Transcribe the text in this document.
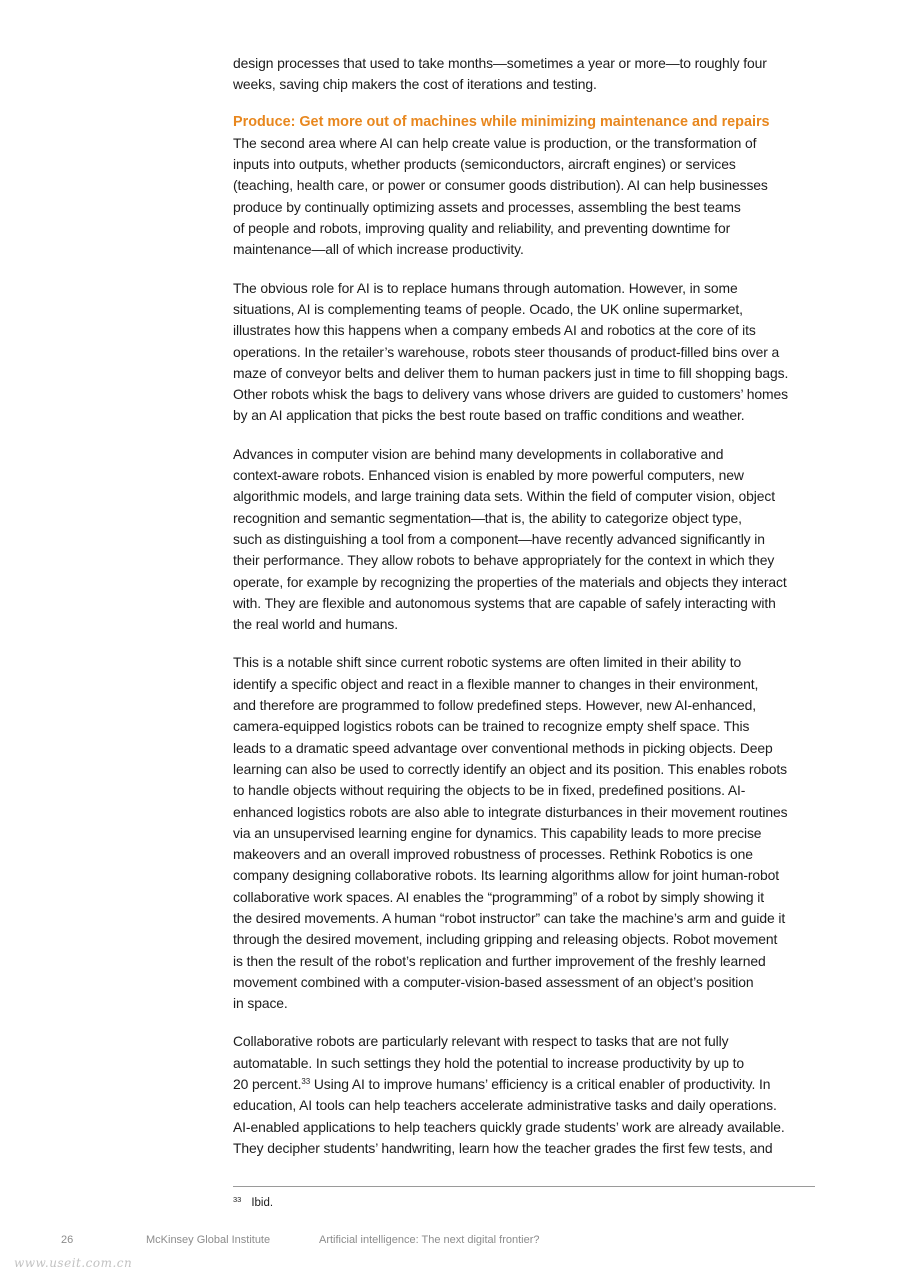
design processes that used to take months—sometimes a year or more—to roughly four
weeks, saving chip makers the cost of iterations and testing.

Produce: Get more out of machines while minimizing maintenance and repairs

The second area where AI can help create value is production, or the transformation of
inputs into outputs, whether products (semiconductors, aircraft engines) or services
(teaching, health care, or power or consumer goods distribution). AI can help businesses
produce by continually optimizing assets and processes, assembling the best teams
of people and robots, improving quality and reliability, and preventing downtime for
maintenance—all of which increase productivity.

The obvious role for AI is to replace humans through automation. However, in some
situations, AI is complementing teams of people. Ocado, the UK online supermarket,
illustrates how this happens when a company embeds AI and robotics at the core of its
operations. In the retailer’s warehouse, robots steer thousands of product-filled bins over a
maze of conveyor belts and deliver them to human packers just in time to fill shopping bags.
Other robots whisk the bags to delivery vans whose drivers are guided to customers’ homes
by an AI application that picks the best route based on traffic conditions and weather.

Advances in computer vision are behind many developments in collaborative and
context-aware robots. Enhanced vision is enabled by more powerful computers, new
algorithmic models, and large training data sets. Within the field of computer vision, object
recognition and semantic segmentation—that is, the ability to categorize object type,
such as distinguishing a tool from a component—have recently advanced significantly in
their performance. They allow robots to behave appropriately for the context in which they
operate, for example by recognizing the properties of the materials and objects they interact
with. They are flexible and autonomous systems that are capable of safely interacting with
the real world and humans.

This is a notable shift since current robotic systems are often limited in their ability to
identify a specific object and react in a flexible manner to changes in their environment,
and therefore are programmed to follow predefined steps. However, new AI-enhanced,
camera-equipped logistics robots can be trained to recognize empty shelf space. This
leads to a dramatic speed advantage over conventional methods in picking objects. Deep
learning can also be used to correctly identify an object and its position. This enables robots
to handle objects without requiring the objects to be in fixed, predefined positions. AI-
enhanced logistics robots are also able to integrate disturbances in their movement routines
via an unsupervised learning engine for dynamics. This capability leads to more precise
makeovers and an overall improved robustness of processes. Rethink Robotics is one
company designing collaborative robots. Its learning algorithms allow for joint human-robot
collaborative work spaces. AI enables the “programming” of a robot by simply showing it
the desired movements. A human “robot instructor” can take the machine’s arm and guide it
through the desired movement, including gripping and releasing objects. Robot movement
is then the result of the robot’s replication and further improvement of the freshly learned
movement combined with a computer-vision-based assessment of an object’s position
in space.

Collaborative robots are particularly relevant with respect to tasks that are not fully
automatable. In such settings they hold the potential to increase productivity by up to
20 percent.$^{33}$ Using AI to improve humans’ efficiency is a critical enabler of productivity. In
education, AI tools can help teachers accelerate administrative tasks and daily operations.
AI-enabled applications to help teachers quickly grade students’ work are already available.
They decipher students’ handwriting, learn how the teacher grades the first few tests, and

$^{33}$ Ibid.
26	McKinsey Global Institute	Artificial intelligence: The next digital frontier?
www.useit.com.cn
